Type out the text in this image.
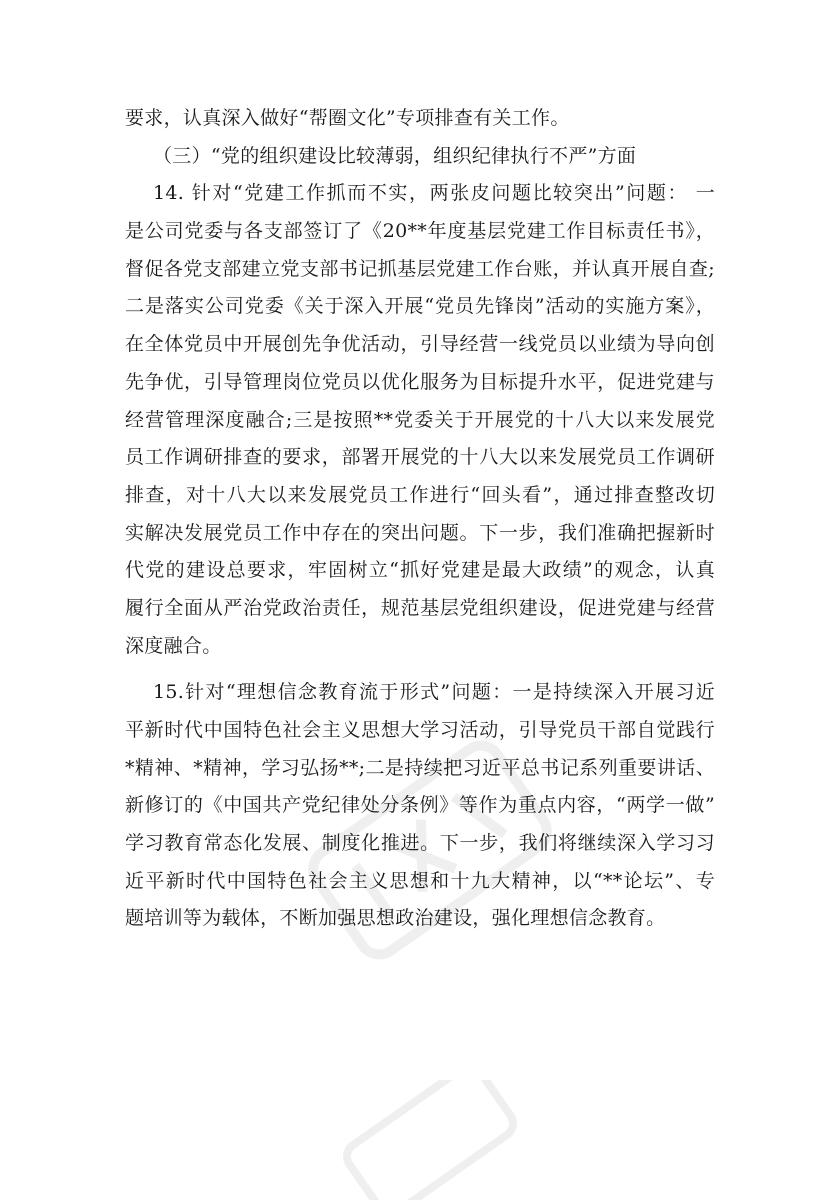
要求，认真深入做好“帮圈文化”专项排查有关工作。
（三）“党的组织建设比较薄弱，组织纪律执行不严”方面
14. 针对“党建工作抓而不实，两张皮问题比较突出”问题： 一
是公司党委与各支部签订了《20**年度基层党建工作目标责任书》，
督促各党支部建立党支部书记抓基层党建工作台账，并认真开展自查;
二是落实公司党委《关于深入开展“党员先锋岗”活动的实施方案》，
在全体党员中开展创先争优活动，引导经营一线党员以业绩为导向创
先争优，引导管理岗位党员以优化服务为目标提升水平，促进党建与
经营管理深度融合;三是按照**党委关于开展党的十八大以来发展党
员工作调研排查的要求，部署开展党的十八大以来发展党员工作调研
排查，对十八大以来发展党员工作进行“回头看”，通过排查整改切
实解决发展党员工作中存在的突出问题。下一步，我们准确把握新时
代党的建设总要求，牢固树立“抓好党建是最大政绩”的观念，认真
履行全面从严治党政治责任，规范基层党组织建设，促进党建与经营
深度融合。
15.针对“理想信念教育流于形式”问题：一是持续深入开展习近
平新时代中国特色社会主义思想大学习活动，引导党员干部自觉践行
*精神、*精神，学习弘扬**;二是持续把习近平总书记系列重要讲话、
新修订的《中国共产党纪律处分条例》等作为重点内容，“两学一做”
学习教育常态化发展、制度化推进。下一步，我们将继续深入学习习
近平新时代中国特色社会主义思想和十九大精神，以“**论坛”、专
题培训等为载体，不断加强思想政治建设，强化理想信念教育。
